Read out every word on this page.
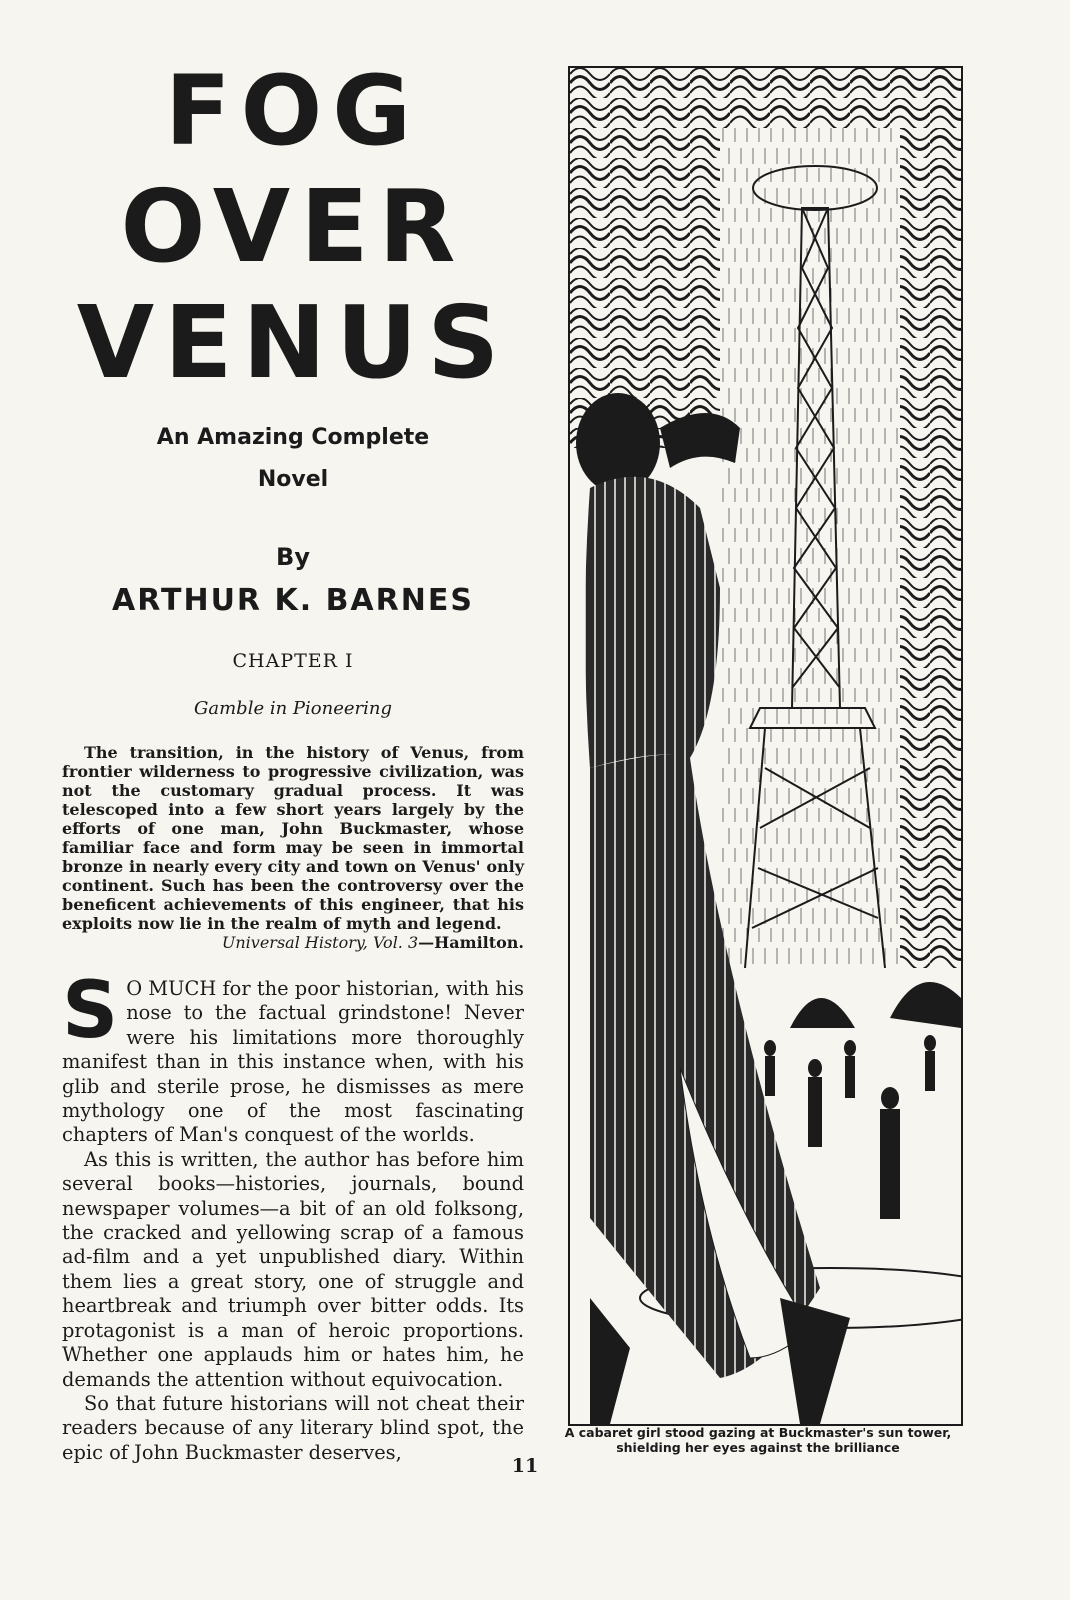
FOG
OVER
VENUS
An Amazing Complete
Novel
By
ARTHUR K. BARNES
CHAPTER I
Gamble in Pioneering
The transition, in the history of Venus, from frontier wilderness to progressive civilization, was not the customary gradual process. It was telescoped into a few short years largely by the efforts of one man, John Buckmaster, whose familiar face and form may be seen in immortal bronze in nearly every city and town on Venus' only continent. Such has been the controversy over the beneficent achievements of this engineer, that his exploits now lie in the realm of myth and legend.
Universal History, Vol. 3—Hamilton.

S O MUCH for the poor historian, with his nose to the factual grindstone! Never were his limitations more thoroughly manifest than in this instance when, with his glib and sterile prose, he dismisses as mere mythology one of the most fascinating chapters of Man's conquest of the worlds.

As this is written, the author has before him several books—histories, journals, bound newspaper volumes—a bit of an old folksong, the cracked and yellowing scrap of a famous ad-film and a yet unpublished diary. Within them lies a great story, one of struggle and heartbreak and triumph over bitter odds. Its protagonist is a man of heroic proportions. Whether one applauds him or hates him, he demands the attention without equivocation.

So that future historians will not cheat their readers because of any literary blind spot, the epic of John Buckmaster deserves,

A cabaret girl stood gazing at Buckmaster's sun tower, shielding her eyes against the brilliance
11
